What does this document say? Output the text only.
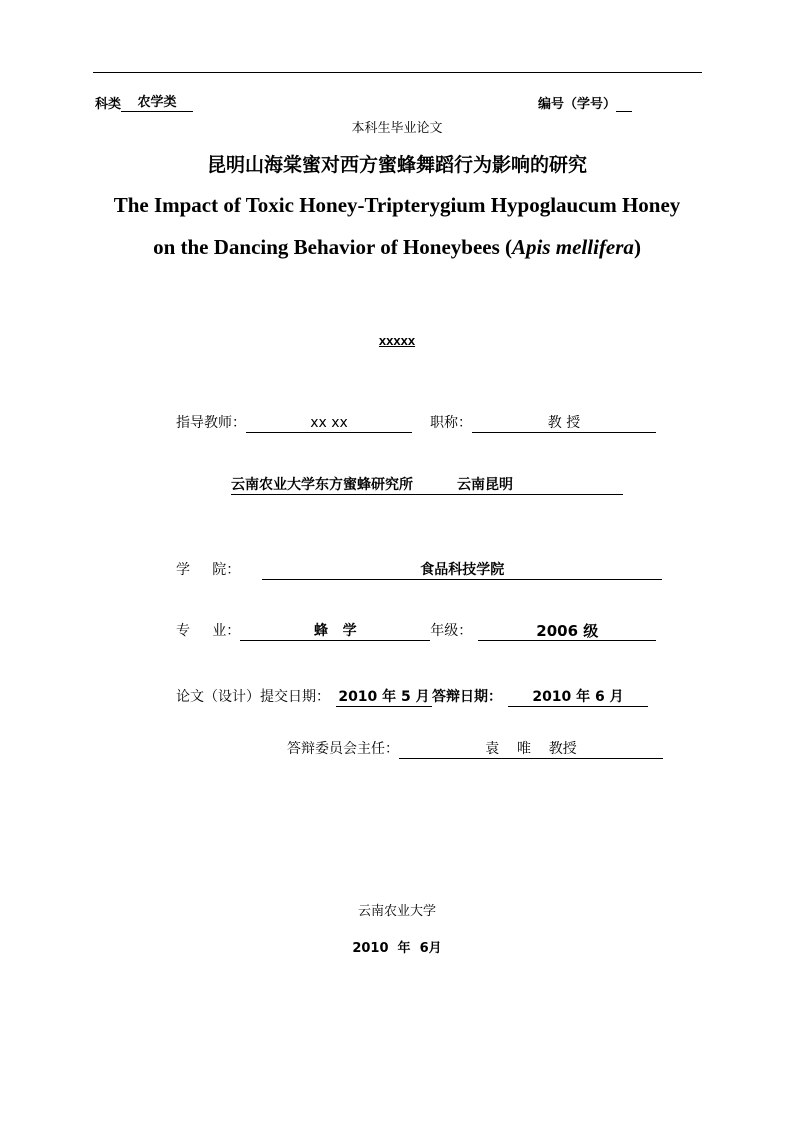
科类 农学类	编号（学号）
本科生毕业论文
昆明山海棠蜜对西方蜜蜂舞蹈行为影响的研究
The Impact of Toxic Honey-Tripterygium Hypoglaucum Honey
on the Dancing Behavior of Honeybees (Apis mellifera)
xxxxx
指导教师：	xx xx	职称：	教 授
云南农业大学东方蜜蜂研究所	云南昆明
学     院：	食品科技学院
专     业：	蜂   学	年级：	2006 级
论文（设计）提交日期： 2010 年 5 月 答辩日期： 2010 年 6 月
答辩委员会主任：	袁    唯    教授
云南农业大学
2010  年  6月
